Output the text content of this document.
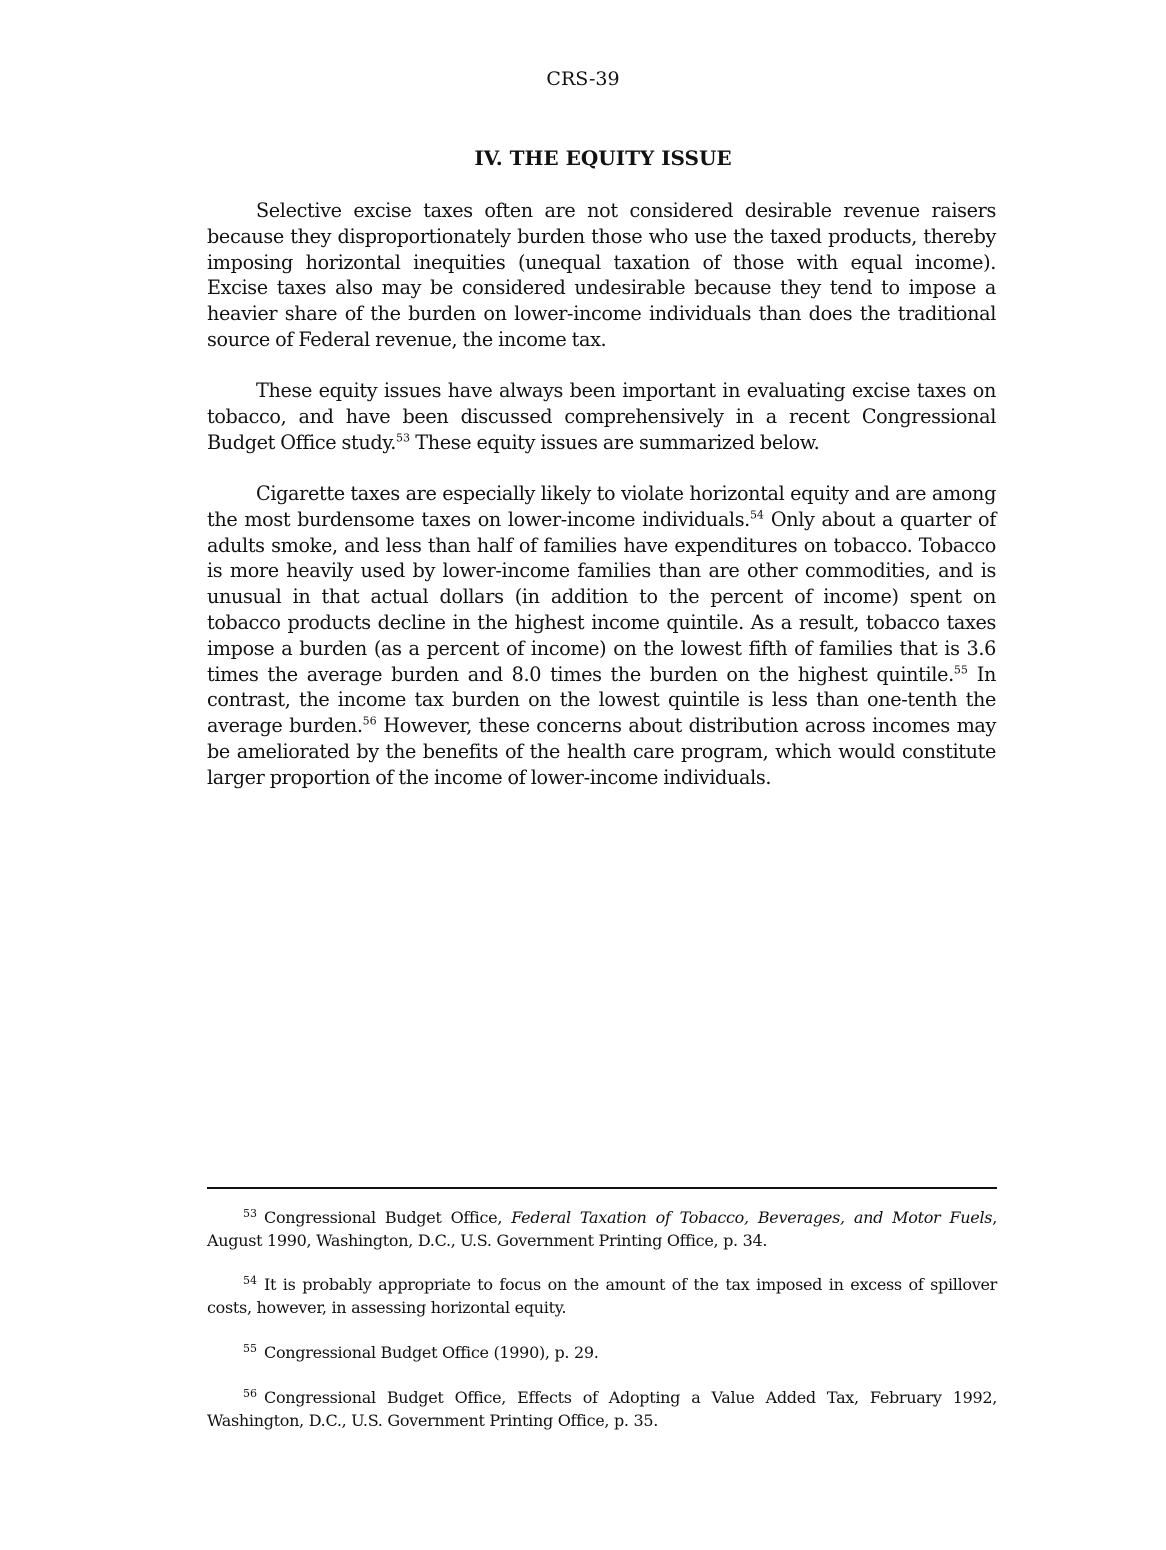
CRS-39
IV. THE EQUITY ISSUE

Selective excise taxes often are not considered desirable revenue raisers because they disproportionately burden those who use the taxed products, thereby imposing horizontal inequities (unequal taxation of those with equal income). Excise taxes also may be considered undesirable because they tend to impose a heavier share of the burden on lower-income individuals than does the traditional source of Federal revenue, the income tax.

These equity issues have always been important in evaluating excise taxes on tobacco, and have been discussed comprehensively in a recent Congressional Budget Office study.$^{53}$ These equity issues are summarized below.

Cigarette taxes are especially likely to violate horizontal equity and are among the most burdensome taxes on lower-income individuals.$^{54}$ Only about a quarter of adults smoke, and less than half of families have expenditures on tobacco. Tobacco is more heavily used by lower-income families than are other commodities, and is unusual in that actual dollars (in addition to the percent of income) spent on tobacco products decline in the highest income quintile. As a result, tobacco taxes impose a burden (as a percent of income) on the lowest fifth of families that is 3.6 times the average burden and 8.0 times the burden on the highest quintile.$^{55}$ In contrast, the income tax burden on the lowest quintile is less than one-tenth the average burden.$^{56}$ However, these concerns about distribution across incomes may be ameliorated by the benefits of the health care program, which would constitute larger proportion of the income of lower-income individuals.

$^{53}$ Congressional Budget Office, Federal Taxation of Tobacco, Beverages, and Motor Fuels, August 1990, Washington, D.C., U.S. Government Printing Office, p. 34.

$^{54}$ It is probably appropriate to focus on the amount of the tax imposed in excess of spillover costs, however, in assessing horizontal equity.

$^{55}$ Congressional Budget Office (1990), p. 29.

$^{56}$ Congressional Budget Office, Effects of Adopting a Value Added Tax, February 1992, Washington, D.C., U.S. Government Printing Office, p. 35.
